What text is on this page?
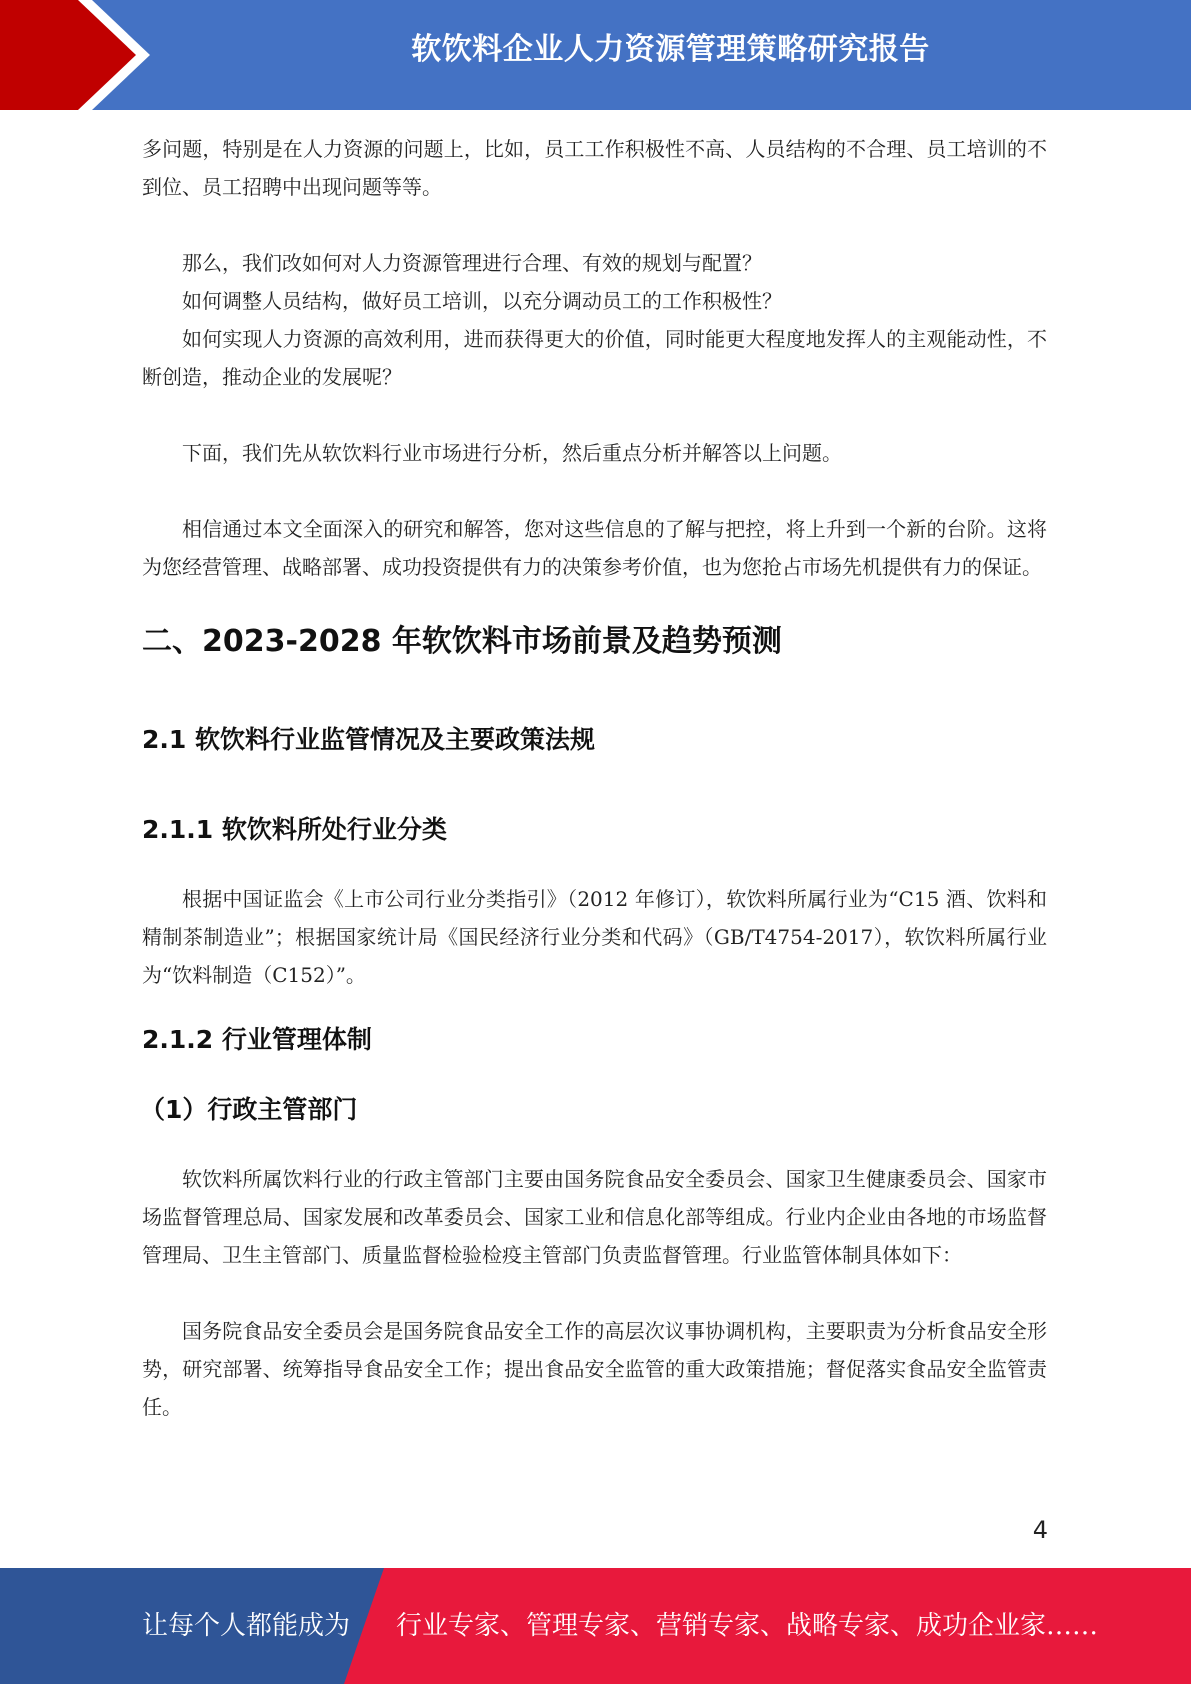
软饮料企业人力资源管理策略研究报告

多问题，特别是在人力资源的问题上，比如，员工工作积极性不高、人员结构的不合理、员工培训的不到位、员工招聘中出现问题等等。

那么，我们改如何对人力资源管理进行合理、有效的规划与配置？

如何调整人员结构，做好员工培训，以充分调动员工的工作积极性？

如何实现人力资源的高效利用，进而获得更大的价值，同时能更大程度地发挥人的主观能动性，不断创造，推动企业的发展呢？

下面，我们先从软饮料行业市场进行分析，然后重点分析并解答以上问题。

相信通过本文全面深入的研究和解答，您对这些信息的了解与把控，将上升到一个新的台阶。这将为您经营管理、战略部署、成功投资提供有力的决策参考价值，也为您抢占市场先机提供有力的保证。

二、2023-2028 年软饮料市场前景及趋势预测
2.1 软饮料行业监管情况及主要政策法规
2.1.1 软饮料所处行业分类

根据中国证监会《上市公司行业分类指引》（2012 年修订），软饮料所属行业为“C15 酒、饮料和精制茶制造业”；根据国家统计局《国民经济行业分类和代码》（GB/T4754-2017），软饮料所属行业为“饮料制造（C152）”。

2.1.2 行业管理体制
（1）行政主管部门

软饮料所属饮料行业的行政主管部门主要由国务院食品安全委员会、国家卫生健康委员会、国家市场监督管理总局、国家发展和改革委员会、国家工业和信息化部等组成。行业内企业由各地的市场监督管理局、卫生主管部门、质量监督检验检疫主管部门负责监督管理。行业监管体制具体如下：

国务院食品安全委员会是国务院食品安全工作的高层次议事协调机构，主要职责为分析食品安全形势，研究部署、统筹指导食品安全工作；提出食品安全监管的重大政策措施；督促落实食品安全监管责任。

4
让每个人都能成为 行业专家、管理专家、营销专家、战略专家、成功企业家……
